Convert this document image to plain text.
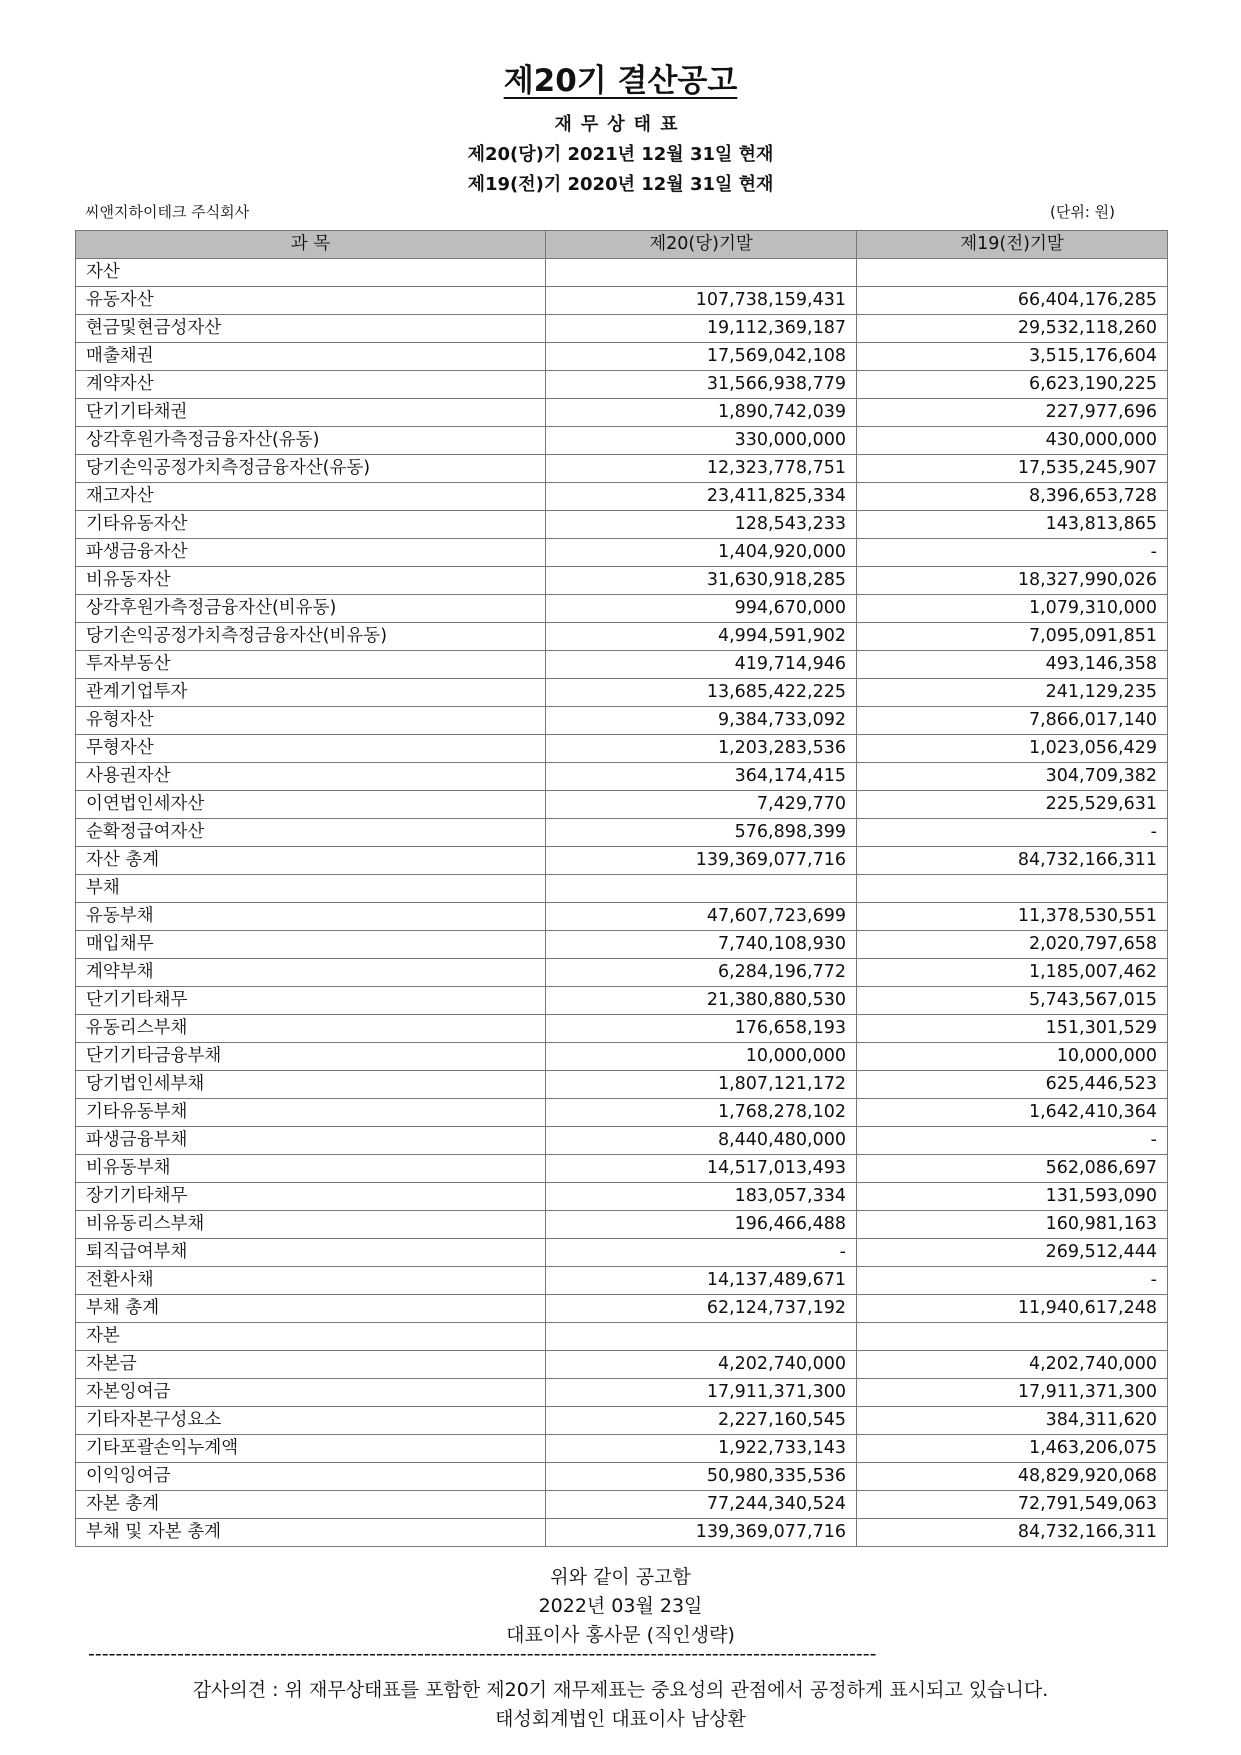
제20기 결산공고
재무상태표
제20(당)기 2021년 12월 31일 현재
제19(전)기 2020년 12월 31일 현재
씨앤지하이테크 주식회사	(단위: 원)
과 목	제20(당)기말	제19(전)기말
자산		
유동자산	107,738,159,431	66,404,176,285
현금및현금성자산	19,112,369,187	29,532,118,260
매출채권	17,569,042,108	3,515,176,604
계약자산	31,566,938,779	6,623,190,225
단기기타채권	1,890,742,039	227,977,696
상각후원가측정금융자산(유동)	330,000,000	430,000,000
당기손익공정가치측정금융자산(유동)	12,323,778,751	17,535,245,907
재고자산	23,411,825,334	8,396,653,728
기타유동자산	128,543,233	143,813,865
파생금융자산	1,404,920,000	-
비유동자산	31,630,918,285	18,327,990,026
상각후원가측정금융자산(비유동)	994,670,000	1,079,310,000
당기손익공정가치측정금융자산(비유동)	4,994,591,902	7,095,091,851
투자부동산	419,714,946	493,146,358
관계기업투자	13,685,422,225	241,129,235
유형자산	9,384,733,092	7,866,017,140
무형자산	1,203,283,536	1,023,056,429
사용권자산	364,174,415	304,709,382
이연법인세자산	7,429,770	225,529,631
순확정급여자산	576,898,399	-
자산 총계	139,369,077,716	84,732,166,311
부채		
유동부채	47,607,723,699	11,378,530,551
매입채무	7,740,108,930	2,020,797,658
계약부채	6,284,196,772	1,185,007,462
단기기타채무	21,380,880,530	5,743,567,015
유동리스부채	176,658,193	151,301,529
단기기타금융부채	10,000,000	10,000,000
당기법인세부채	1,807,121,172	625,446,523
기타유동부채	1,768,278,102	1,642,410,364
파생금융부채	8,440,480,000	-
비유동부채	14,517,013,493	562,086,697
장기기타채무	183,057,334	131,593,090
비유동리스부채	196,466,488	160,981,163
퇴직급여부채	-	269,512,444
전환사채	14,137,489,671	-
부채 총계	62,124,737,192	11,940,617,248
자본		
자본금	4,202,740,000	4,202,740,000
자본잉여금	17,911,371,300	17,911,371,300
기타자본구성요소	2,227,160,545	384,311,620
기타포괄손익누계액	1,922,733,143	1,463,206,075
이익잉여금	50,980,335,536	48,829,920,068
자본 총계	77,244,340,524	72,791,549,063
부채 및 자본 총계	139,369,077,716	84,732,166,311
위와 같이 공고함
2022년 03월 23일
대표이사 홍사문 (직인생략)
-------------------------------------------------------------------------------------------------------------------
감사의견 : 위 재무상태표를 포함한 제20기 재무제표는 중요성의 관점에서 공정하게 표시되고 있습니다.
태성회계법인 대표이사 남상환
